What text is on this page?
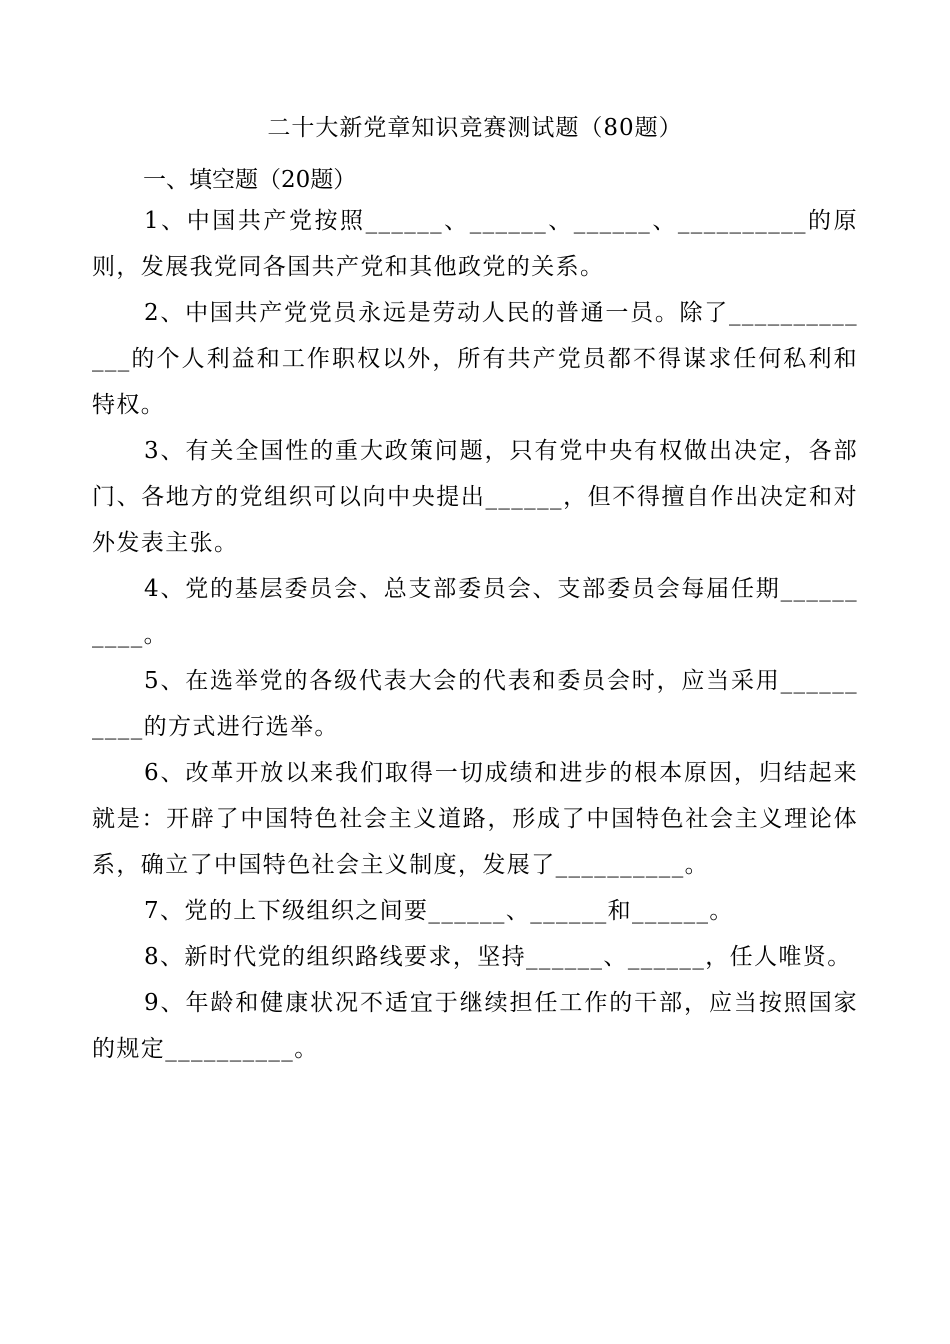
二十大新党章知识竞赛测试题（80题）
一、填空题（20题）

1、中国共产党按照______、______、______、__________的原则，发展我党同各国共产党和其他政党的关系。

2、中国共产党党员永远是劳动人民的普通一员。除了_____________的个人利益和工作职权以外，所有共产党员都不得谋求任何私利和特权。

3、有关全国性的重大政策问题，只有党中央有权做出决定，各部门、各地方的党组织可以向中央提出______，但不得擅自作出决定和对外发表主张。

4、党的基层委员会、总支部委员会、支部委员会每届任期__________。

5、在选举党的各级代表大会的代表和委员会时，应当采用__________的方式进行选举。

6、改革开放以来我们取得一切成绩和进步的根本原因，归结起来就是：开辟了中国特色社会主义道路，形成了中国特色社会主义理论体系，确立了中国特色社会主义制度，发展了__________。

7、党的上下级组织之间要______、______和______。

8、新时代党的组织路线要求，坚持______、______，任人唯贤。

9、年龄和健康状况不适宜于继续担任工作的干部，应当按照国家的规定__________。
